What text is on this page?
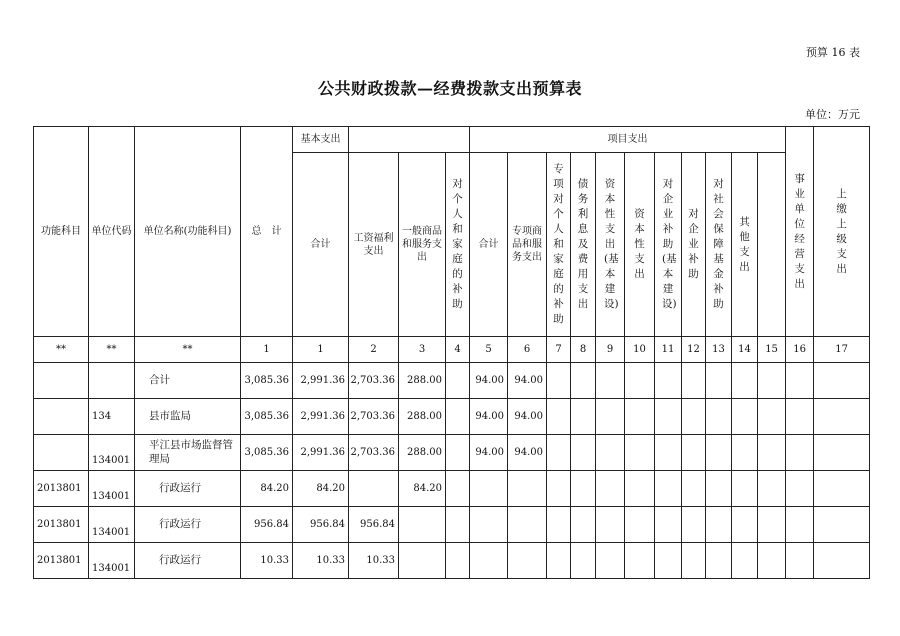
预算 16 表
公共财政拨款—经费拨款支出预算表
单位：万元
功能科目	单位代码	单位名称(功能科目)	总　计	基本支出				项目支出											事业单位经营支出	上缴上级支出	
				合计	工资福利支出	一般商品和服务支出	对个人和家庭的补助	合计	专项商品和服务支出	专项对个人和家庭的补助	债务利息及费用支出	资本性支出(基本建设)	资本性支出	对企业补助(基本建设)	对企业补助	对社会保障基金补助	其他支出				
**	**	**	1	1	2	3	4	5	6	7	8	9	10	11	12	13	14	15	16	17	
		合计	3,085.36	2,991.36	2,703.36	288.00		94.00	94.00												
	134	县市监局	3,085.36	2,991.36	2,703.36	288.00		94.00	94.00												
	134001	平江县市场监督管理局	3,085.36	2,991.36	2,703.36	288.00		94.00	94.00												
2013801	134001	行政运行	84.20	84.20		84.20															
2013801	134001	行政运行	956.84	956.84	956.84																
2013801	134001	行政运行	10.33	10.33	10.33																
